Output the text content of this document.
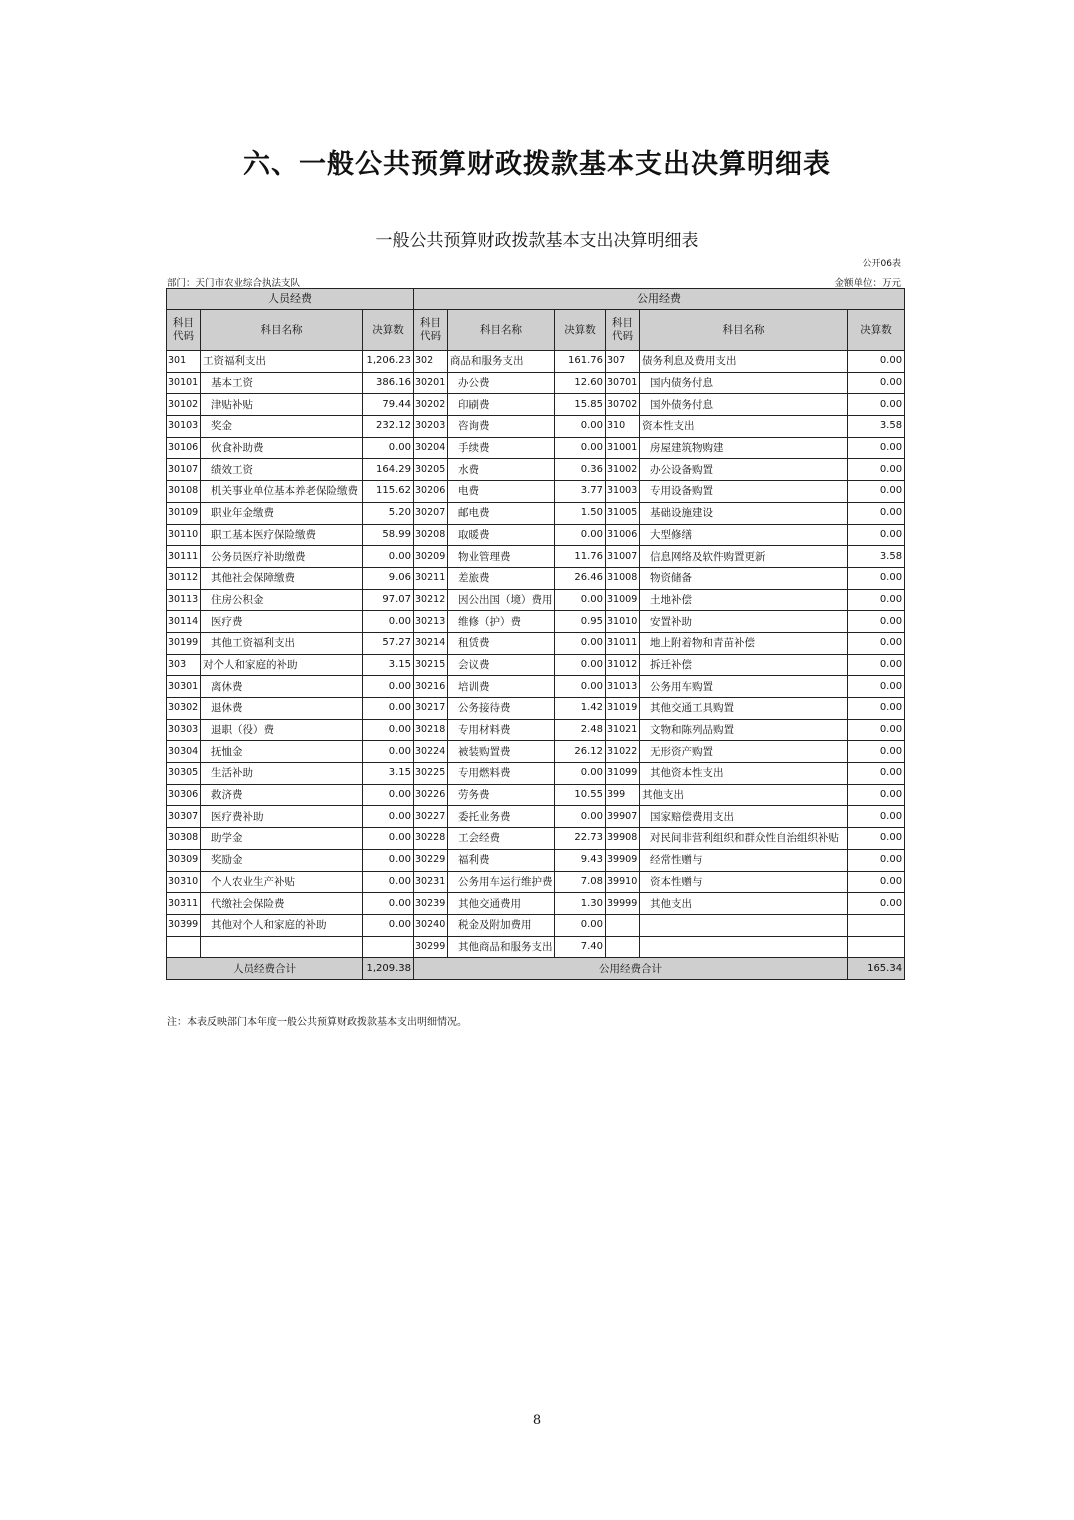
六、一般公共预算财政拨款基本支出决算明细表
一般公共预算财政拨款基本支出决算明细表
公开06表
部门：天门市农业综合执法支队	金额单位：万元
人员经费			公用经费					
科目代码	科目名称	决算数	科目代码	科目名称	决算数	科目代码	科目名称	决算数
301	工资福利支出	1,206.23	302	商品和服务支出	161.76	307	债务利息及费用支出	0.00
30101	基本工资	386.16	30201	办公费	12.60	30701	国内债务付息	0.00
30102	津贴补贴	79.44	30202	印刷费	15.85	30702	国外债务付息	0.00
30103	奖金	232.12	30203	咨询费	0.00	310	资本性支出	3.58
30106	伙食补助费	0.00	30204	手续费	0.00	31001	房屋建筑物购建	0.00
30107	绩效工资	164.29	30205	水费	0.36	31002	办公设备购置	0.00
30108	机关事业单位基本养老保险缴费	115.62	30206	电费	3.77	31003	专用设备购置	0.00
30109	职业年金缴费	5.20	30207	邮电费	1.50	31005	基础设施建设	0.00
30110	职工基本医疗保险缴费	58.99	30208	取暖费	0.00	31006	大型修缮	0.00
30111	公务员医疗补助缴费	0.00	30209	物业管理费	11.76	31007	信息网络及软件购置更新	3.58
30112	其他社会保障缴费	9.06	30211	差旅费	26.46	31008	物资储备	0.00
30113	住房公积金	97.07	30212	因公出国（境）费用	0.00	31009	土地补偿	0.00
30114	医疗费	0.00	30213	维修（护）费	0.95	31010	安置补助	0.00
30199	其他工资福利支出	57.27	30214	租赁费	0.00	31011	地上附着物和青苗补偿	0.00
303	对个人和家庭的补助	3.15	30215	会议费	0.00	31012	拆迁补偿	0.00
30301	离休费	0.00	30216	培训费	0.00	31013	公务用车购置	0.00
30302	退休费	0.00	30217	公务接待费	1.42	31019	其他交通工具购置	0.00
30303	退职（役）费	0.00	30218	专用材料费	2.48	31021	文物和陈列品购置	0.00
30304	抚恤金	0.00	30224	被装购置费	26.12	31022	无形资产购置	0.00
30305	生活补助	3.15	30225	专用燃料费	0.00	31099	其他资本性支出	0.00
30306	救济费	0.00	30226	劳务费	10.55	399	其他支出	0.00
30307	医疗费补助	0.00	30227	委托业务费	0.00	39907	国家赔偿费用支出	0.00
30308	助学金	0.00	30228	工会经费	22.73	39908	对民间非营利组织和群众性自治组织补贴	0.00
30309	奖励金	0.00	30229	福利费	9.43	39909	经常性赠与	0.00
30310	个人农业生产补贴	0.00	30231	公务用车运行维护费	7.08	39910	资本性赠与	0.00
30311	代缴社会保险费	0.00	30239	其他交通费用	1.30	39999	其他支出	0.00
30399	其他对个人和家庭的补助	0.00	30240	税金及附加费用	0.00			
			30299	其他商品和服务支出	7.40			
人员经费合计		1,209.38	公用经费合计					165.34
注：本表反映部门本年度一般公共预算财政拨款基本支出明细情况。
8
